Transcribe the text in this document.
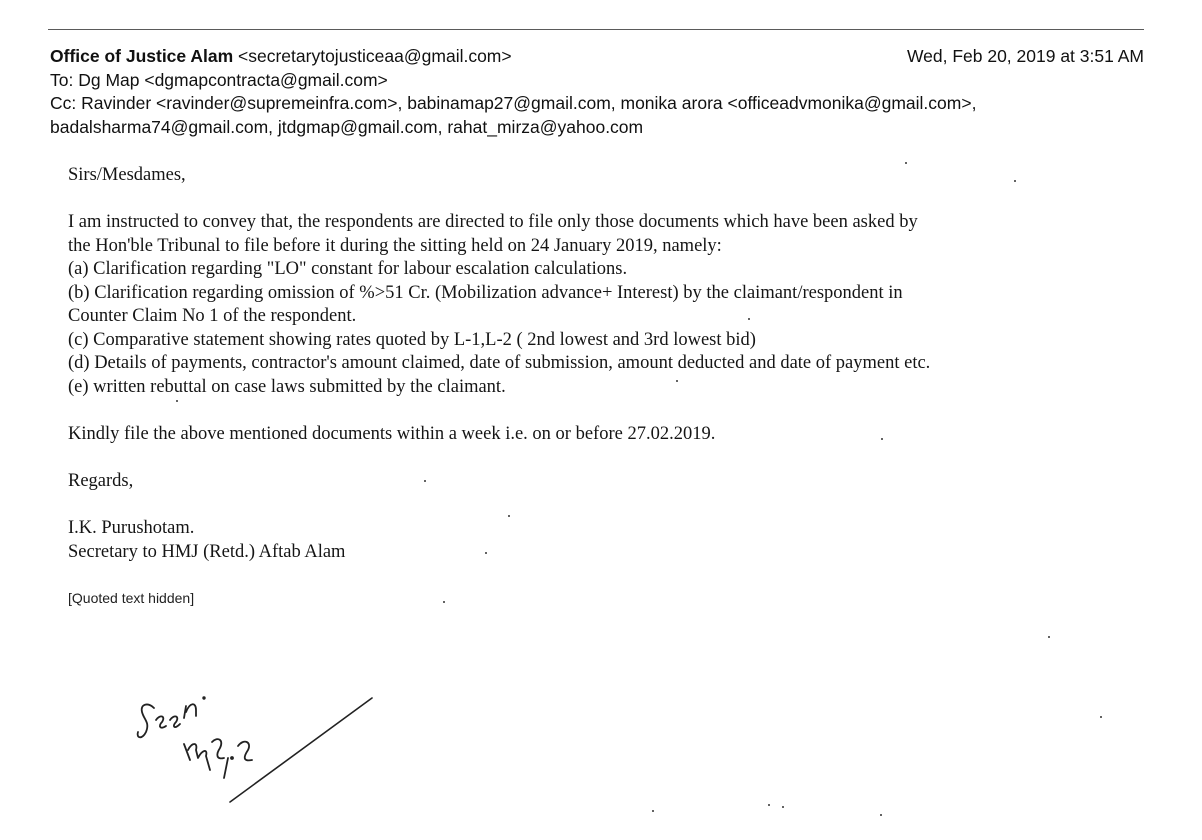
Office of Justice Alam <secretarytojusticeaa@gmail.com>	Wed, Feb 20, 2019 at 3:51 AM
To: Dg Map <dgmapcontracta@gmail.com>
Cc: Ravinder <ravinder@supremeinfra.com>, babinamap27@gmail.com, monika arora <officeadvmonika@gmail.com>,
badalsharma74@gmail.com, jtdgmap@gmail.com, rahat_mirza@yahoo.com

Sirs/Mesdames,

I am instructed to convey that, the respondents are directed to file only those documents which have been asked by
the Hon'ble Tribunal to file before it during the sitting held on 24 January 2019, namely:
(a) Clarification regarding "LO" constant for labour escalation calculations.
(b) Clarification regarding omission of %>51 Cr. (Mobilization advance+ Interest) by the claimant/respondent in
Counter Claim No 1 of the respondent.
(c) Comparative statement showing rates quoted by L-1,L-2 ( 2nd lowest and 3rd lowest bid)
(d) Details of payments, contractor's amount claimed, date of submission, amount deducted and date of payment etc.
(e) written rebuttal on case laws submitted by the claimant.

Kindly file the above mentioned documents within a week i.e. on or before 27.02.2019.

Regards,

I.K. Purushotam.
Secretary to HMJ (Retd.) Aftab Alam
[Quoted text hidden]
